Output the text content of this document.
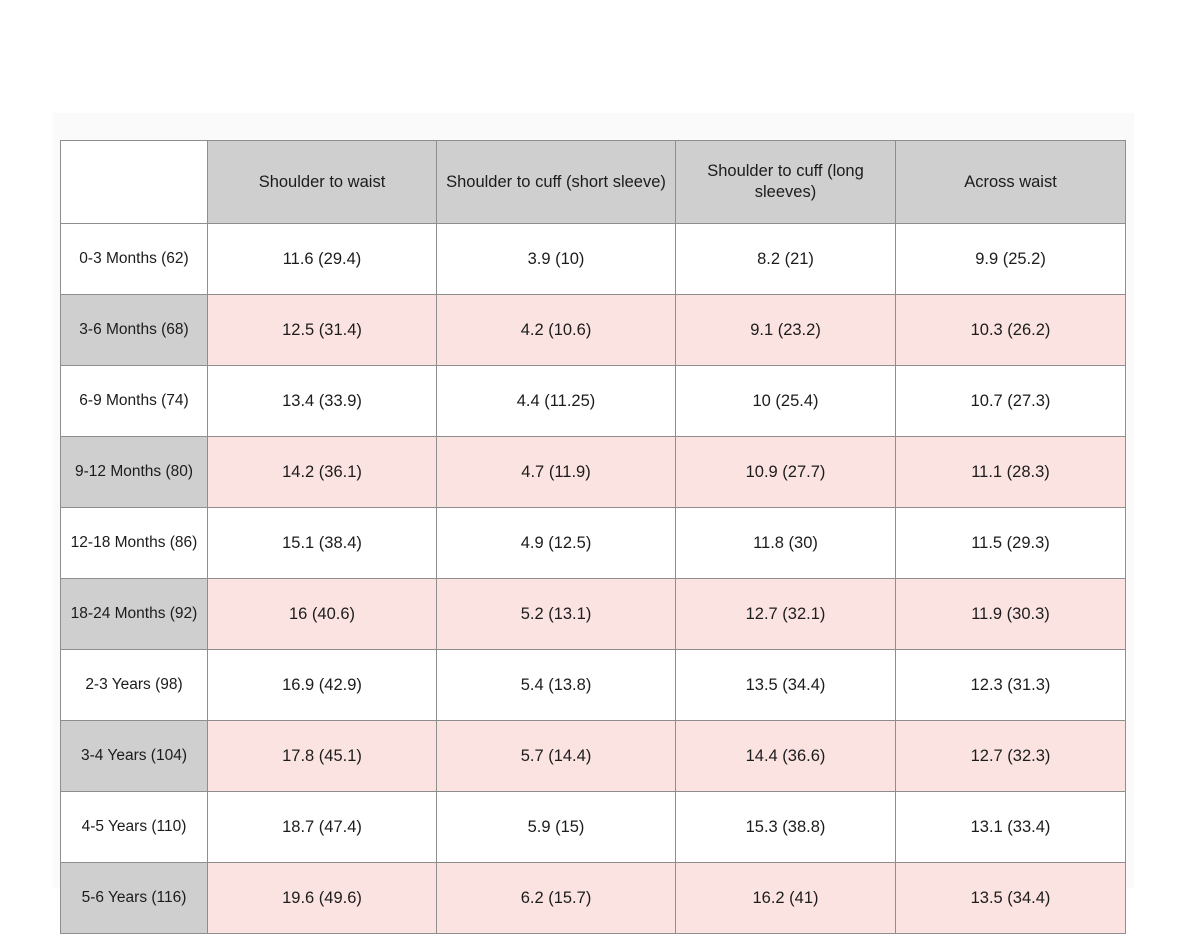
	Shoulder to waist	Shoulder to cuff (short sleeve)	Shoulder to cuff (long sleeves)	Across waist
0-3 Months (62)	11.6 (29.4)	3.9 (10)	8.2 (21)	9.9 (25.2)
3-6 Months (68)	12.5 (31.4)	4.2 (10.6)	9.1 (23.2)	10.3 (26.2)
6-9 Months (74)	13.4 (33.9)	4.4 (11.25)	10 (25.4)	10.7 (27.3)
9-12 Months (80)	14.2 (36.1)	4.7 (11.9)	10.9 (27.7)	11.1 (28.3)
12-18 Months (86)	15.1 (38.4)	4.9 (12.5)	11.8 (30)	11.5 (29.3)
18-24 Months (92)	16 (40.6)	5.2 (13.1)	12.7 (32.1)	11.9 (30.3)
2-3 Years (98)	16.9 (42.9)	5.4 (13.8)	13.5 (34.4)	12.3 (31.3)
3-4 Years (104)	17.8 (45.1)	5.7 (14.4)	14.4 (36.6)	12.7 (32.3)
4-5 Years (110)	18.7 (47.4)	5.9 (15)	15.3 (38.8)	13.1 (33.4)
5-6 Years (116)	19.6 (49.6)	6.2 (15.7)	16.2 (41)	13.5 (34.4)
